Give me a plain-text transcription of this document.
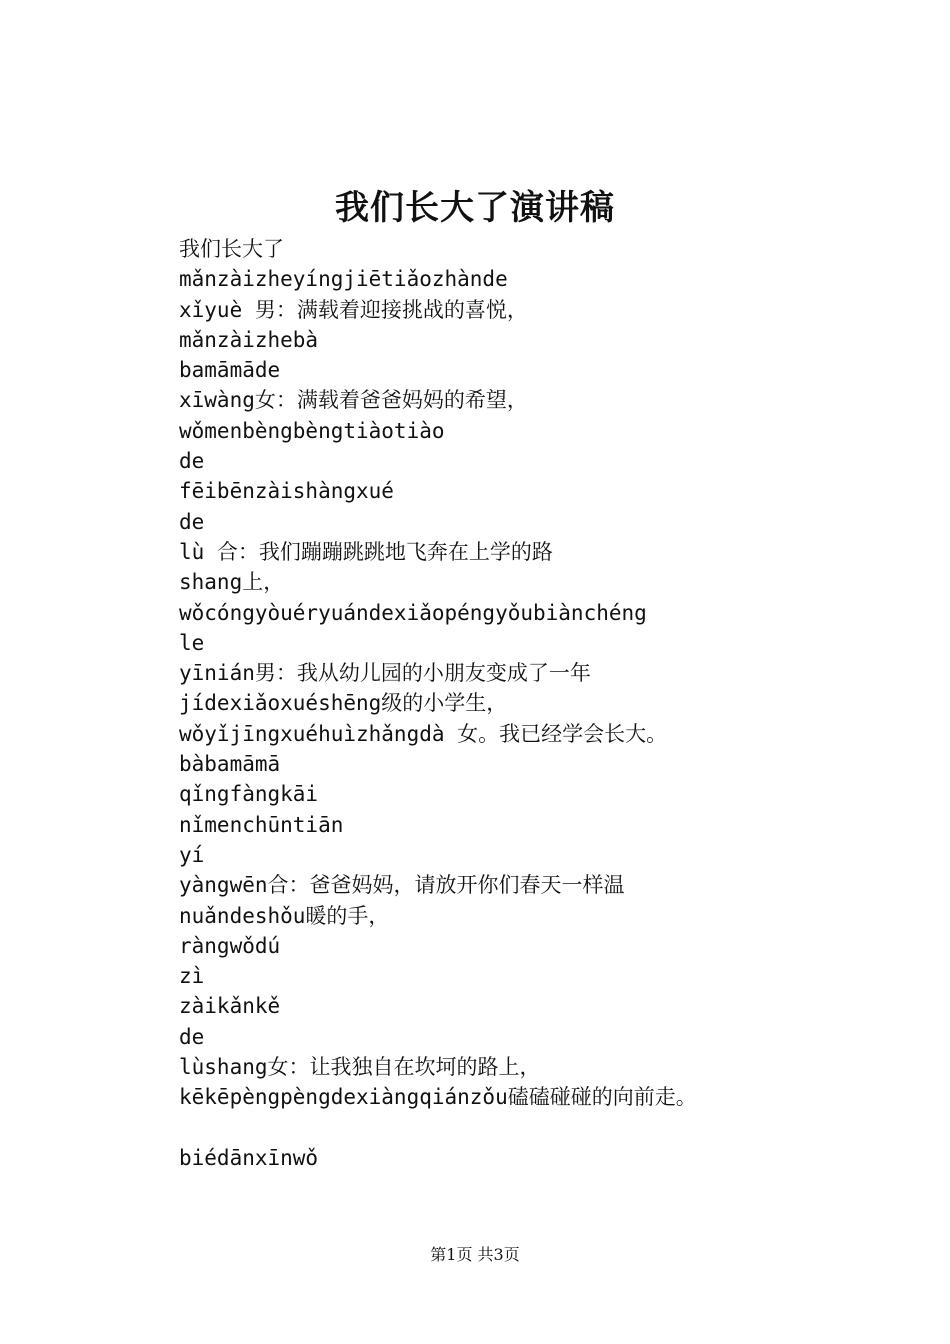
我们长大了演讲稿
我们长大了
mǎnzàizheyíngjiētiǎozhànde
xǐyuè 男：满载着迎接挑战的喜悦，
mǎnzàizhebà
bamāmāde
xīwàng女：满载着爸爸妈妈的希望，
wǒmenbèngbèngtiàotiào
de
fēibēnzàishàngxué
de
lù 合：我们蹦蹦跳跳地飞奔在上学的路
shang上，
wǒcóngyòuéryuándexiǎopéngyǒubiànchéng
le
yīnián男：我从幼儿园的小朋友变成了一年
jídexiǎoxuéshēng级的小学生，
wǒyǐjīngxuéhuìzhǎngdà 女。我已经学会长大。
bàbamāmā
qǐngfàngkāi
nǐmenchūntiān
yí
yàngwēn合：爸爸妈妈，请放开你们春天一样温
nuǎndeshǒu暖的手，
ràngwǒdú
zì
zàikǎnkě
de
lùshang女：让我独自在坎坷的路上，
kēkēpèngpèngdexiàngqiánzǒu磕磕碰碰的向前走。
biédānxīnwǒ
第1页 共3页
